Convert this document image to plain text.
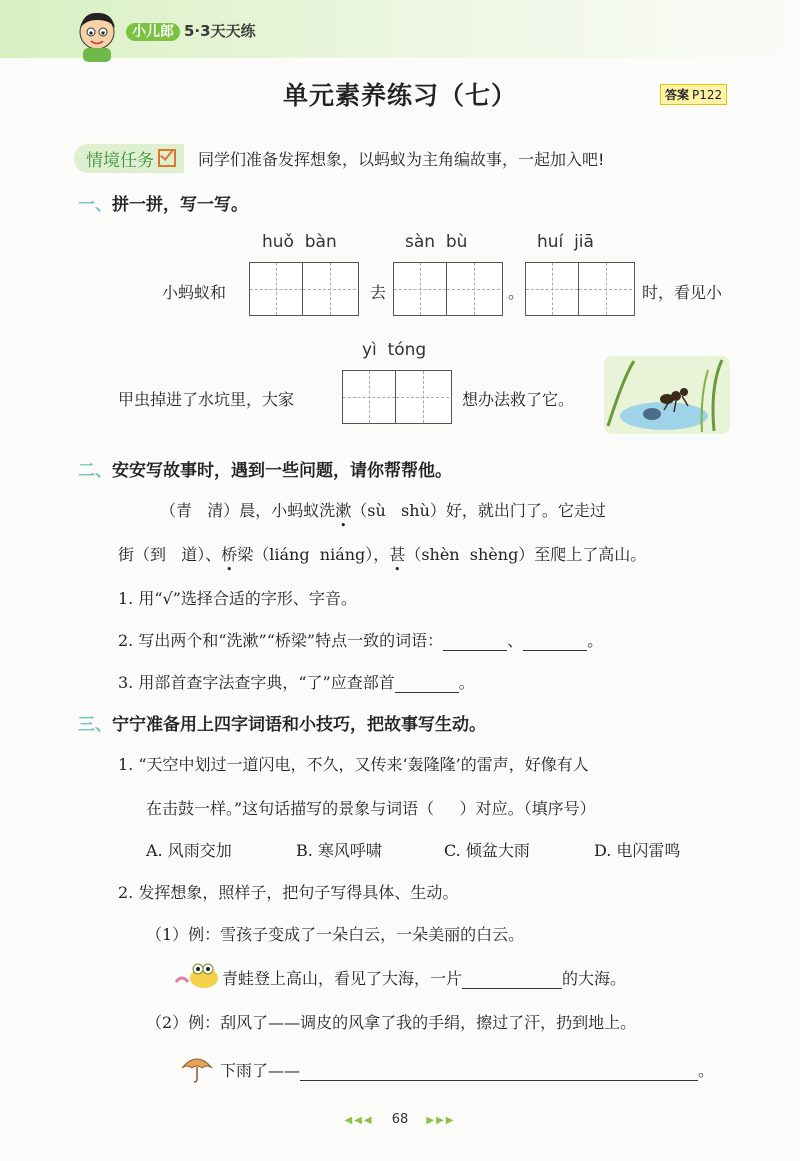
小儿郎 5·3天天练
单元素养练习（七）	答案 P122
情境任务	同学们准备发挥想象，以蚂蚁为主角编故事，一起加入吧!
一、拼一拼，写一写。
huǒ  bàn	sàn  bù	huí  jiā
小蚂蚁和	去	。	时，看见小
yì  tóng
甲虫掉进了水坑里，大家	想办法救了它。
二、安安写故事时，遇到一些问题，请你帮帮他。
（青   清）晨，小蚂蚁洗漱（sù   shù）好，就出门了。它走过
街（到   道）、桥梁（liáng  niáng），甚（shèn  shèng）至爬上了高山。
1. 用“√”选择合适的字形、字音。
2. 写出两个和“洗漱”“桥梁”特点一致的词语：	、	。
3. 用部首查字法查字典，“了”应查部首	。
三、宁宁准备用上四字词语和小技巧，把故事写生动。
1. “天空中划过一道闪电，不久，又传来‘轰隆隆’的雷声，好像有人
在击鼓一样。”这句话描写的景象与词语（     ）对应。（填序号）
A. 风雨交加	B. 寒风呼啸	C. 倾盆大雨	D. 电闪雷鸣
2. 发挥想象，照样子，把句子写得具体、生动。
（1）例：雪孩子变成了一朵白云，一朵美丽的白云。
青蛙登上高山，看见了大海，一片	的大海。
（2）例：刮风了——调皮的风拿了我的手绢，擦过了汗，扔到地上。
下雨了——	。
◀◀◀ 68 ▶▶▶
